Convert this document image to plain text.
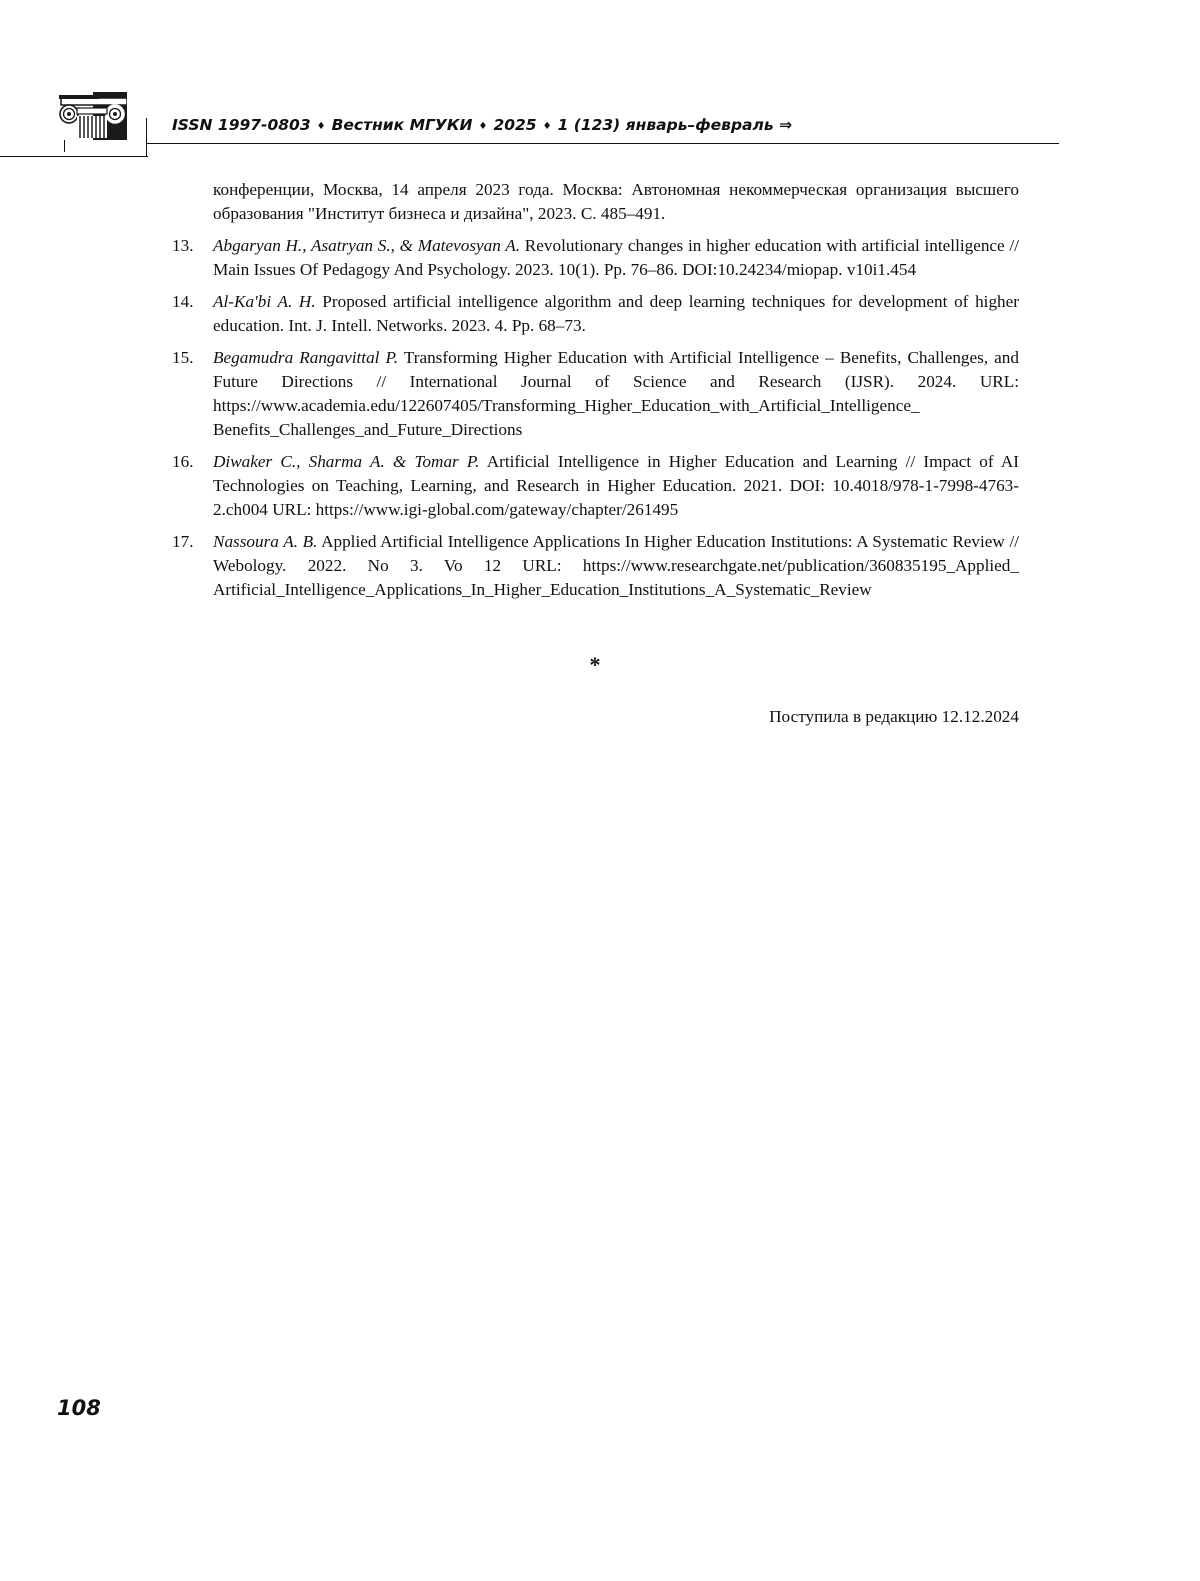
ISSN 1997-0803 ♦ Вестник МГУКИ ♦ 2025 ♦ 1 (123) январь–февраль ⇒
конференции, Москва, 14 апреля 2023 года. Москва: Автономная некоммерческая организация высшего образования "Институт бизнеса и дизайна", 2023. С. 485–491.
13. Abgaryan H., Asatryan S., & Matevosyan A. Revolutionary changes in higher education with artificial intelligence // Main Issues Of Pedagogy And Psychology. 2023. 10(1). Pp. 76–86. DOI:10.24234/miopap. v10i1.454
14. Al-Ka'bi A. H. Proposed artificial intelligence algorithm and deep learning techniques for development of higher education. Int. J. Intell. Networks. 2023. 4. Pp. 68–73.
15. Begamudra Rangavittal P. Transforming Higher Education with Artificial Intelligence – Benefits, Challenges, and Future Directions // International Journal of Science and Research (IJSR). 2024. URL: https://www.academia.edu/122607405/Transforming_Higher_Education_with_Artificial_Intelligence_ Benefits_Challenges_and_Future_Directions
16. Diwaker C., Sharma A. & Tomar P. Artificial Intelligence in Higher Education and Learning // Impact of AI Technologies on Teaching, Learning, and Research in Higher Education. 2021. DOI: 10.4018/978-1-7998-4763-2.ch004 URL: https://www.igi-global.com/gateway/chapter/261495
17. Nassoura A. B. Applied Artificial Intelligence Applications In Higher Education Institutions: A Systematic Review // Webology. 2022. No 3. Vo 12 URL: https://www.researchgate.net/publication/360835195_Applied_ Artificial_Intelligence_Applications_In_Higher_Education_Institutions_A_Systematic_Review
*
Поступила в редакцию 12.12.2024
108
